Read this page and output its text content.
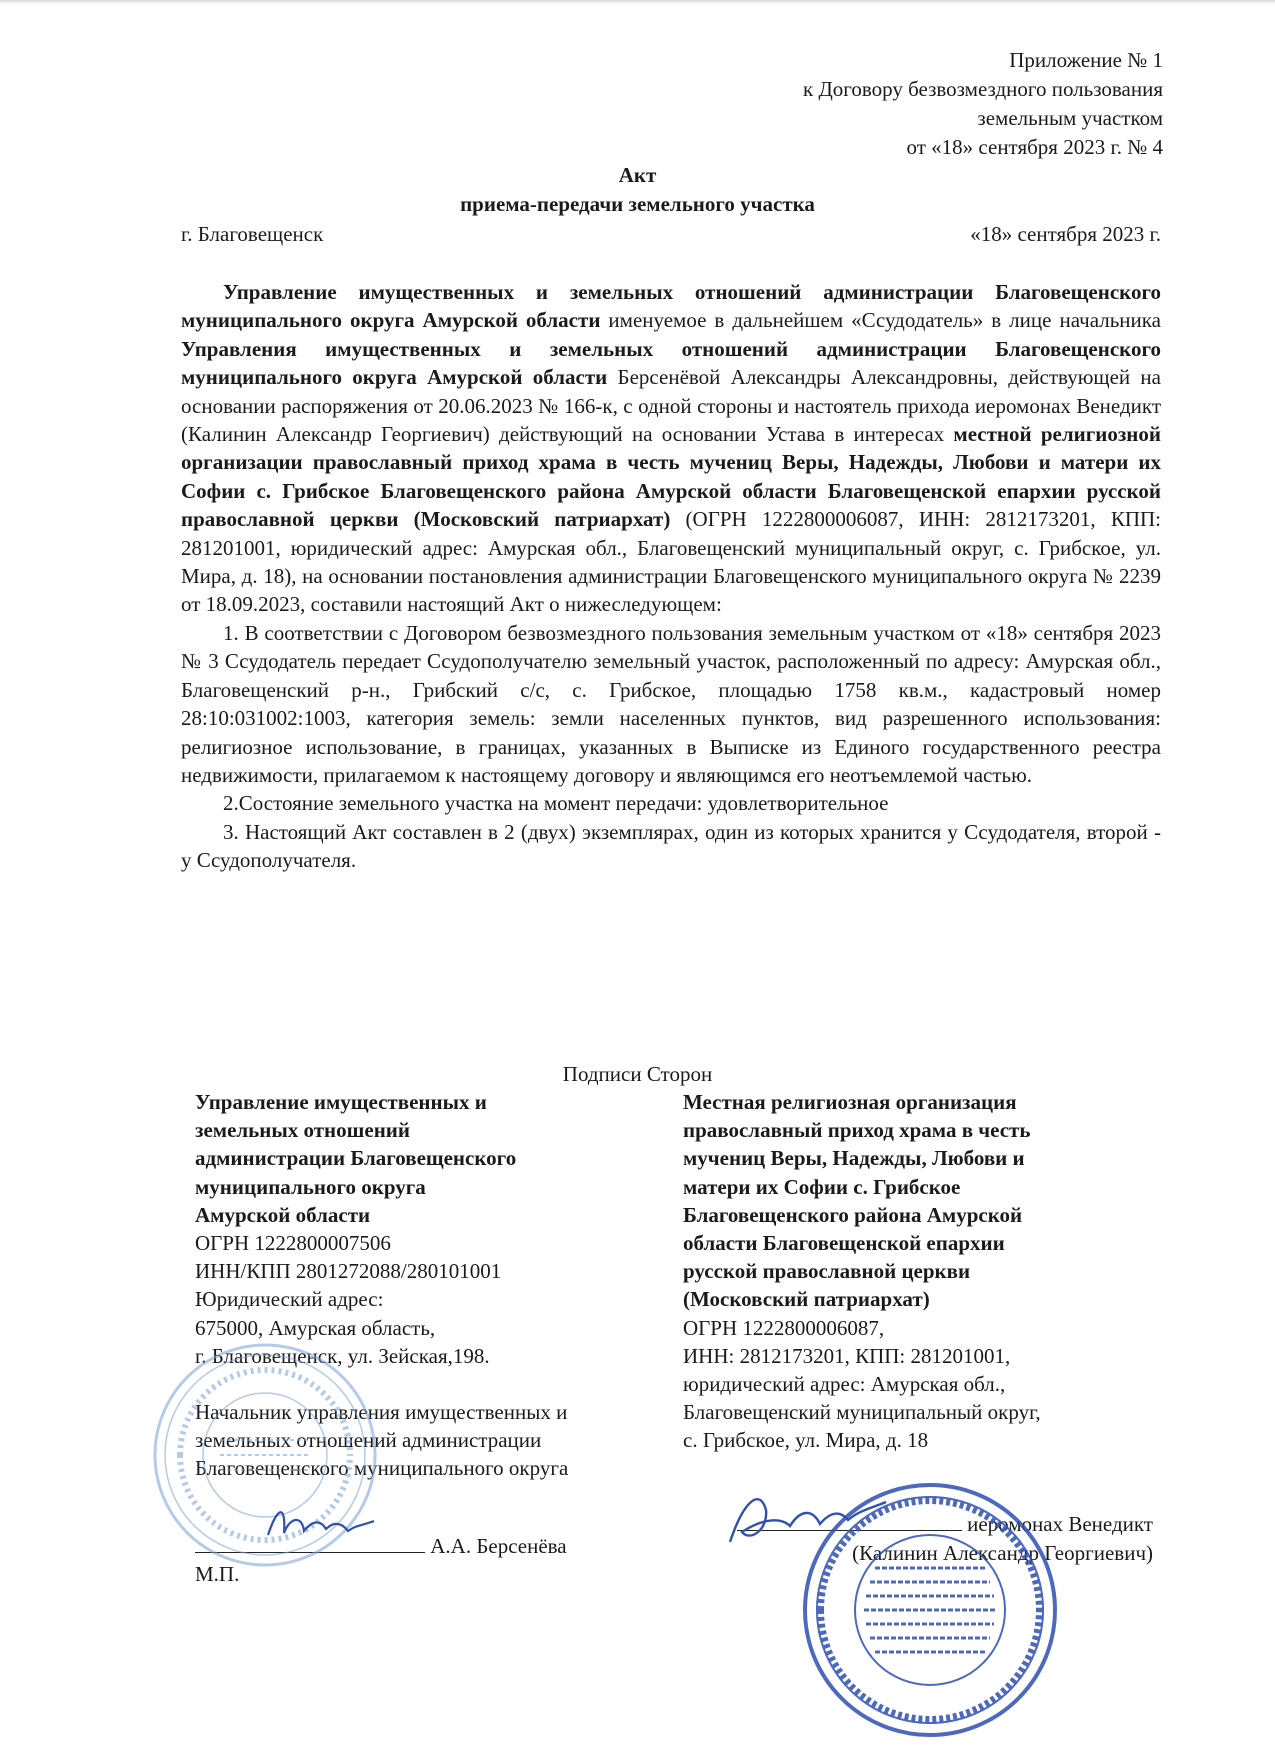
Приложение № 1
к Договору безвозмездного пользования
земельным участком
от «18» сентября 2023 г. № 4
Акт
приема-передачи земельного участка
г. Благовещенск	«18» сентября 2023 г.

Управление имущественных и земельных отношений администрации Благовещенского муниципального округа Амурской области именуемое в дальнейшем «Ссудодатель» в лице начальника Управления имущественных и земельных отношений администрации Благовещенского муниципального округа Амурской области Берсенёвой Александры Александровны, действующей на основании распоряжения от 20.06.2023 № 166-к, с одной стороны и настоятель прихода иеромонах Венедикт (Калинин Александр Георгиевич) действующий на основании Устава в интересах местной религиозной организации православный приход храма в честь мучениц Веры, Надежды, Любови и матери их Софии с. Грибское Благовещенского района Амурской области Благовещенской епархии русской православной церкви (Московский патриархат) (ОГРН 1222800006087, ИНН: 2812173201, КПП: 281201001, юридический адрес: Амурская обл., Благовещенский муниципальный округ, с. Грибское, ул. Мира, д. 18), на основании постановления администрации Благовещенского муниципального округа № 2239 от 18.09.2023, составили настоящий Акт о нижеследующем:

1. В соответствии с Договором безвозмездного пользования земельным участком от «18» сентября 2023 № 3 Ссудодатель передает Ссудополучателю земельный участок, расположенный по адресу: Амурская обл., Благовещенский р-н., Грибский с/с, с. Грибское, площадью 1758 кв.м., кадастровый номер 28:10:031002:1003, категория земель: земли населенных пунктов, вид разрешенного использования: религиозное использование, в границах, указанных в Выписке из Единого государственного реестра недвижимости, прилагаемом к настоящему договору и являющимся его неотъемлемой частью.

2.Состояние земельного участка на момент передачи: удовлетворительное

3. Настоящий Акт составлен в 2 (двух) экземплярах, один из которых хранится у Ссудодателя, второй - у Ссудополучателя.

Подписи Сторон
Управление имущественных и
земельных отношений
администрации Благовещенского
муниципального округа
Амурской области
ОГРН 1222800007506
ИНН/КПП 2801272088/280101001
Юридический адрес:
675000, Амурская область,
г. Благовещенск, ул. Зейская,198.
Начальник управления имущественных и
земельных отношений администрации
Благовещенского муниципального округа
А.А. Берсенёва
М.П.
Местная религиозная организация
православный приход храма в честь
мучениц Веры, Надежды, Любови и
матери их Софии с. Грибское
Благовещенского района Амурской
области Благовещенской епархии
русской православной церкви
(Московский патриархат)
ОГРН 1222800006087,
ИНН: 2812173201, КПП: 281201001,
юридический адрес: Амурская обл.,
Благовещенский муниципальный округ,
с. Грибское, ул. Мира, д. 18
иеромонах Венедикт
(Калинин Александр Георгиевич)
